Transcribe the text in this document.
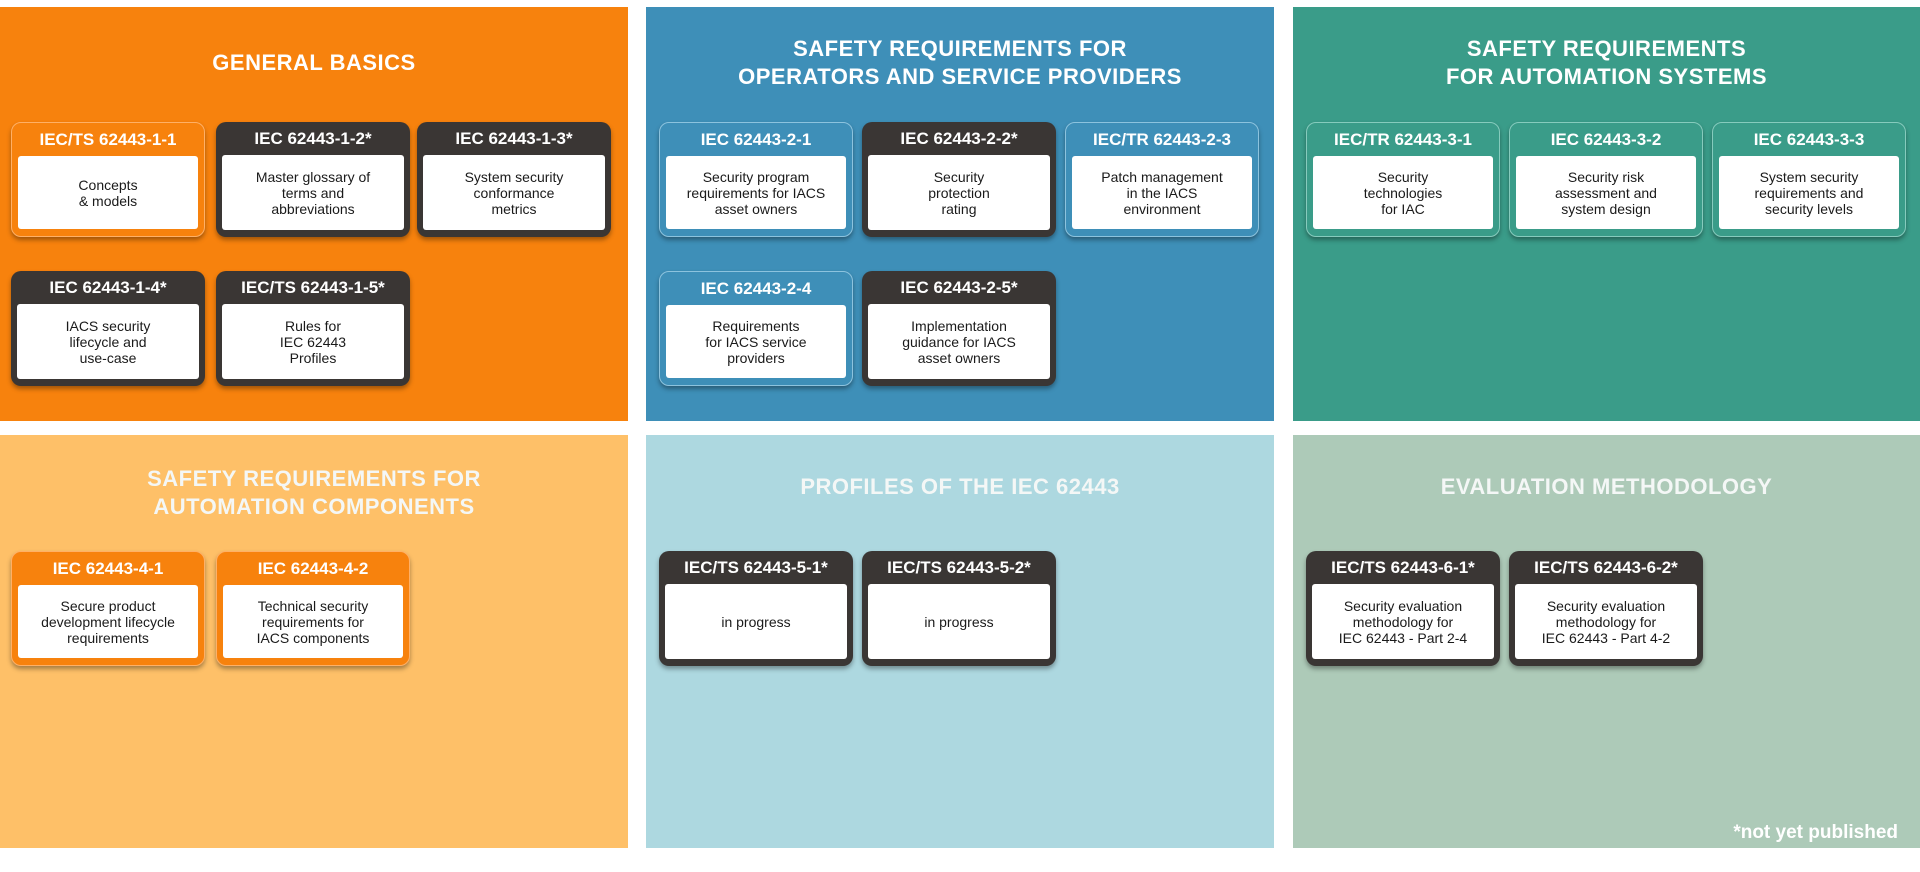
GENERAL BASICS
IEC/TS 62443-1-1
Concepts
& models
IEC 62443-1-2*
Master glossary of
terms and
abbreviations
IEC 62443-1-3*
System security
conformance
metrics
IEC 62443-1-4*
IACS security
lifecycle and
use-case
IEC/TS 62443-1-5*
Rules for
IEC 62443
Profiles
SAFETY REQUIREMENTS FOR
OPERATORS AND SERVICE PROVIDERS
IEC 62443-2-1
Security program
requirements for IACS
asset owners
IEC 62443-2-2*
Security
protection
rating
IEC/TR 62443-2-3
Patch management
in the IACS
environment
IEC 62443-2-4
Requirements
for IACS service
providers
IEC 62443-2-5*
Implementation
guidance for IACS
asset owners
SAFETY REQUIREMENTS
FOR AUTOMATION SYSTEMS
IEC/TR 62443-3-1
Security
technologies
for IAC
IEC 62443-3-2
Security risk
assessment and
system design
IEC 62443-3-3
System security
requirements and
security levels
SAFETY REQUIREMENTS FOR
AUTOMATION COMPONENTS
IEC 62443-4-1
Secure product
development lifecycle
requirements
IEC 62443-4-2
Technical security
requirements for
IACS components
PROFILES OF THE IEC 62443
IEC/TS 62443-5-1*
in progress
IEC/TS 62443-5-2*
in progress
EVALUATION METHODOLOGY
IEC/TS 62443-6-1*
Security evaluation
methodology for
IEC 62443 - Part 2-4
IEC/TS 62443-6-2*
Security evaluation
methodology for
IEC 62443 - Part 4-2
*not yet published
